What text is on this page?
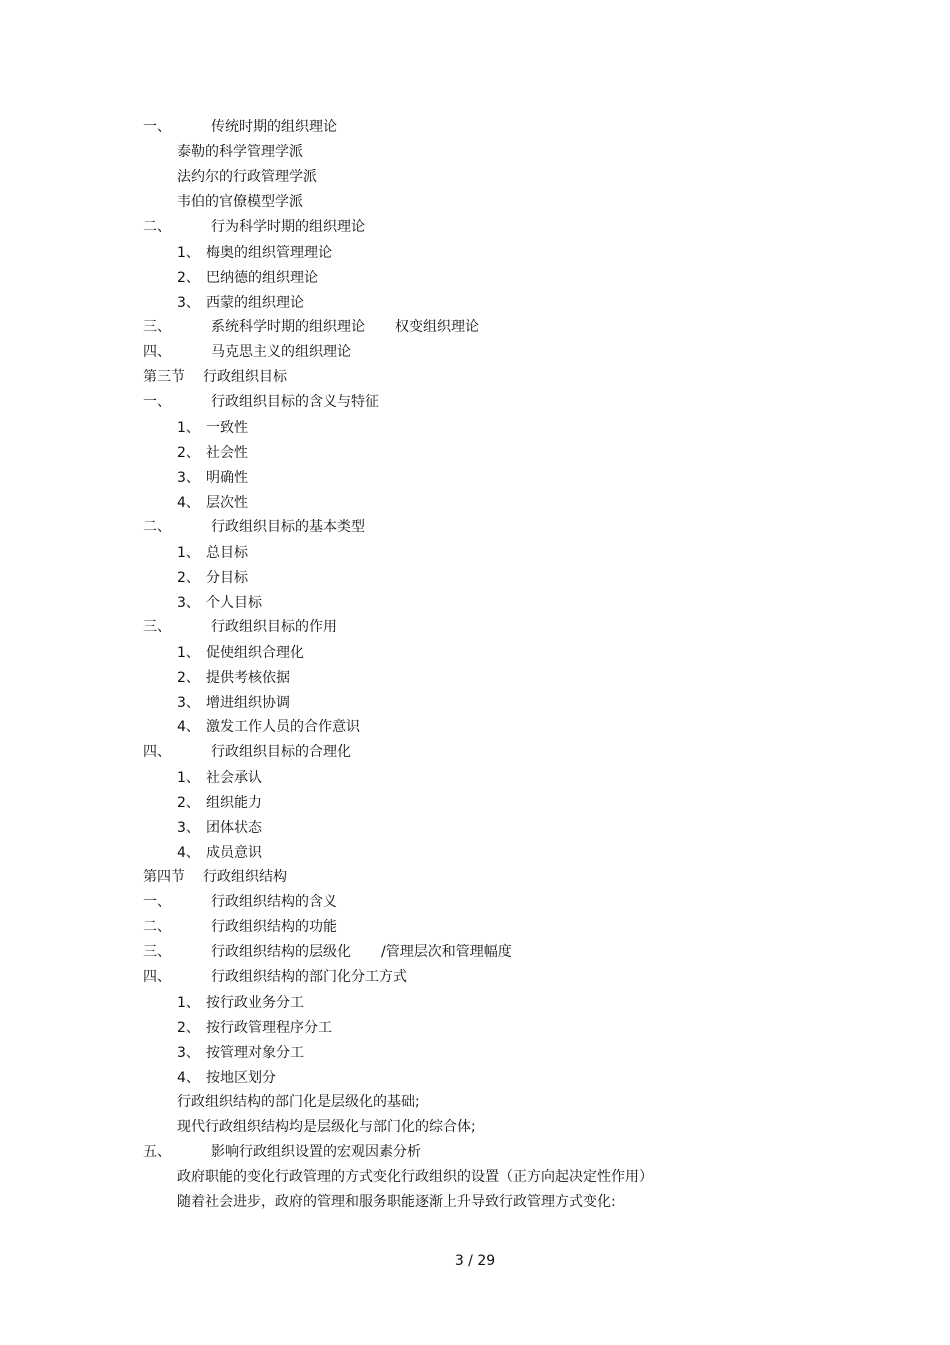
一、	传统时期的组织理论
泰勒的科学管理学派
法约尔的行政管理学派
韦伯的官僚模型学派
二、	行为科学时期的组织理论
1、 梅奥的组织管理理论
2、 巴纳德的组织理论
3、 西蒙的组织理论
三、	系统科学时期的组织理论 权变组织理论
四、	马克思主义的组织理论
第三节 行政组织目标
一、	行政组织目标的含义与特征
1、 一致性
2、 社会性
3、 明确性
4、 层次性
二、	行政组织目标的基本类型
1、 总目标
2、 分目标
3、 个人目标
三、	行政组织目标的作用
1、 促使组织合理化
2、 提供考核依据
3、 增进组织协调
4、 激发工作人员的合作意识
四、	行政组织目标的合理化
1、 社会承认
2、 组织能力
3、 团体状态
4、 成员意识
第四节 行政组织结构
一、	行政组织结构的含义
二、	行政组织结构的功能
三、	行政组织结构的层级化 /管理层次和管理幅度
四、	行政组织结构的部门化分工方式
1、 按行政业务分工
2、 按行政管理程序分工
3、 按管理对象分工
4、 按地区划分
行政组织结构的部门化是层级化的基础;
现代行政组织结构均是层级化与部门化的综合体;
五、	影响行政组织设置的宏观因素分析
政府职能的变化行政管理的方式变化行政组织的设置（正方向起决定性作用）
随着社会进步，政府的管理和服务职能逐渐上升导致行政管理方式变化:
3 / 29
